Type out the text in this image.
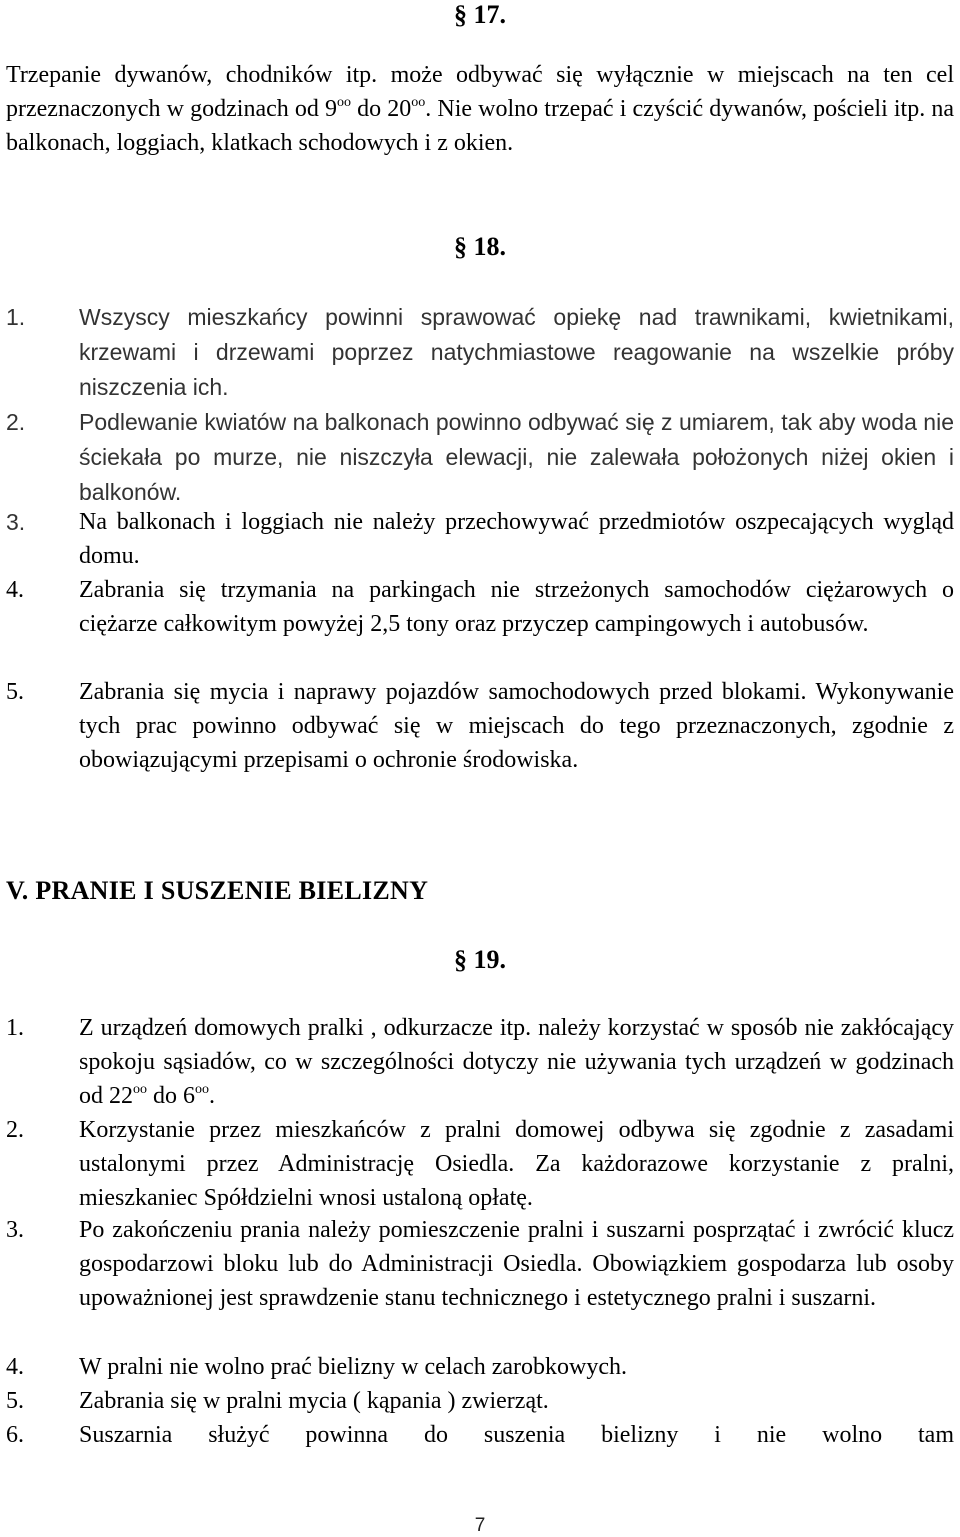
§ 17.

Trzepanie dywanów, chodników itp. może odbywać się wyłącznie w miejscach na ten cel przeznaczonych w godzinach od $9^{oo}$ do $20^{oo}$. Nie wolno trzepać i czyścić dywanów, pościeli itp. na balkonach, loggiach, klatkach schodowych i z okien.

§ 18.
1. Wszyscy mieszkańcy powinni sprawować opiekę nad trawnikami, kwietnikami, krzewami i drzewami poprzez natychmiastowe reagowanie na wszelkie próby niszczenia ich.
2. Podlewanie kwiatów na balkonach powinno odbywać się z umiarem, tak aby woda nie ściekała po murze, nie niszczyła elewacji, nie zalewała położonych niżej okien i balkonów.
3. Na balkonach i loggiach nie należy przechowywać przedmiotów oszpecających wygląd domu.
4. Zabrania się trzymania na parkingach nie strzeżonych samochodów ciężarowych o ciężarze całkowitym powyżej 2,5 tony oraz przyczep campingowych i autobusów.
5. Zabrania się mycia i naprawy pojazdów samochodowych przed blokami. Wykonywanie tych prac powinno odbywać się w miejscach do tego przeznaczonych, zgodnie z obowiązującymi przepisami o ochronie środowiska.
V. PRANIE I SUSZENIE BIELIZNY
§ 19.
1. Z urządzeń domowych pralki , odkurzacze itp. należy korzystać w sposób nie zakłócający spokoju sąsiadów, co w szczególności dotyczy nie używania tych urządzeń w godzinach od $22^{oo}$ do $6^{oo}$.
2. Korzystanie przez mieszkańców z pralni domowej odbywa się zgodnie z zasadami ustalonymi przez Administrację Osiedla. Za każdorazowe korzystanie z pralni, mieszkaniec Spółdzielni wnosi ustaloną opłatę.
3. Po zakończeniu prania należy pomieszczenie pralni i suszarni posprzątać i zwrócić klucz gospodarzowi bloku lub do Administracji Osiedla. Obowiązkiem gospodarza lub osoby upoważnionej jest sprawdzenie stanu technicznego i estetycznego pralni i suszarni.
4. W pralni nie wolno prać bielizny w celach zarobkowych.
5. Zabrania się w pralni mycia ( kąpania ) zwierząt.
6. Suszarnia służyć powinna do suszenia bielizny i nie wolno tam
7
